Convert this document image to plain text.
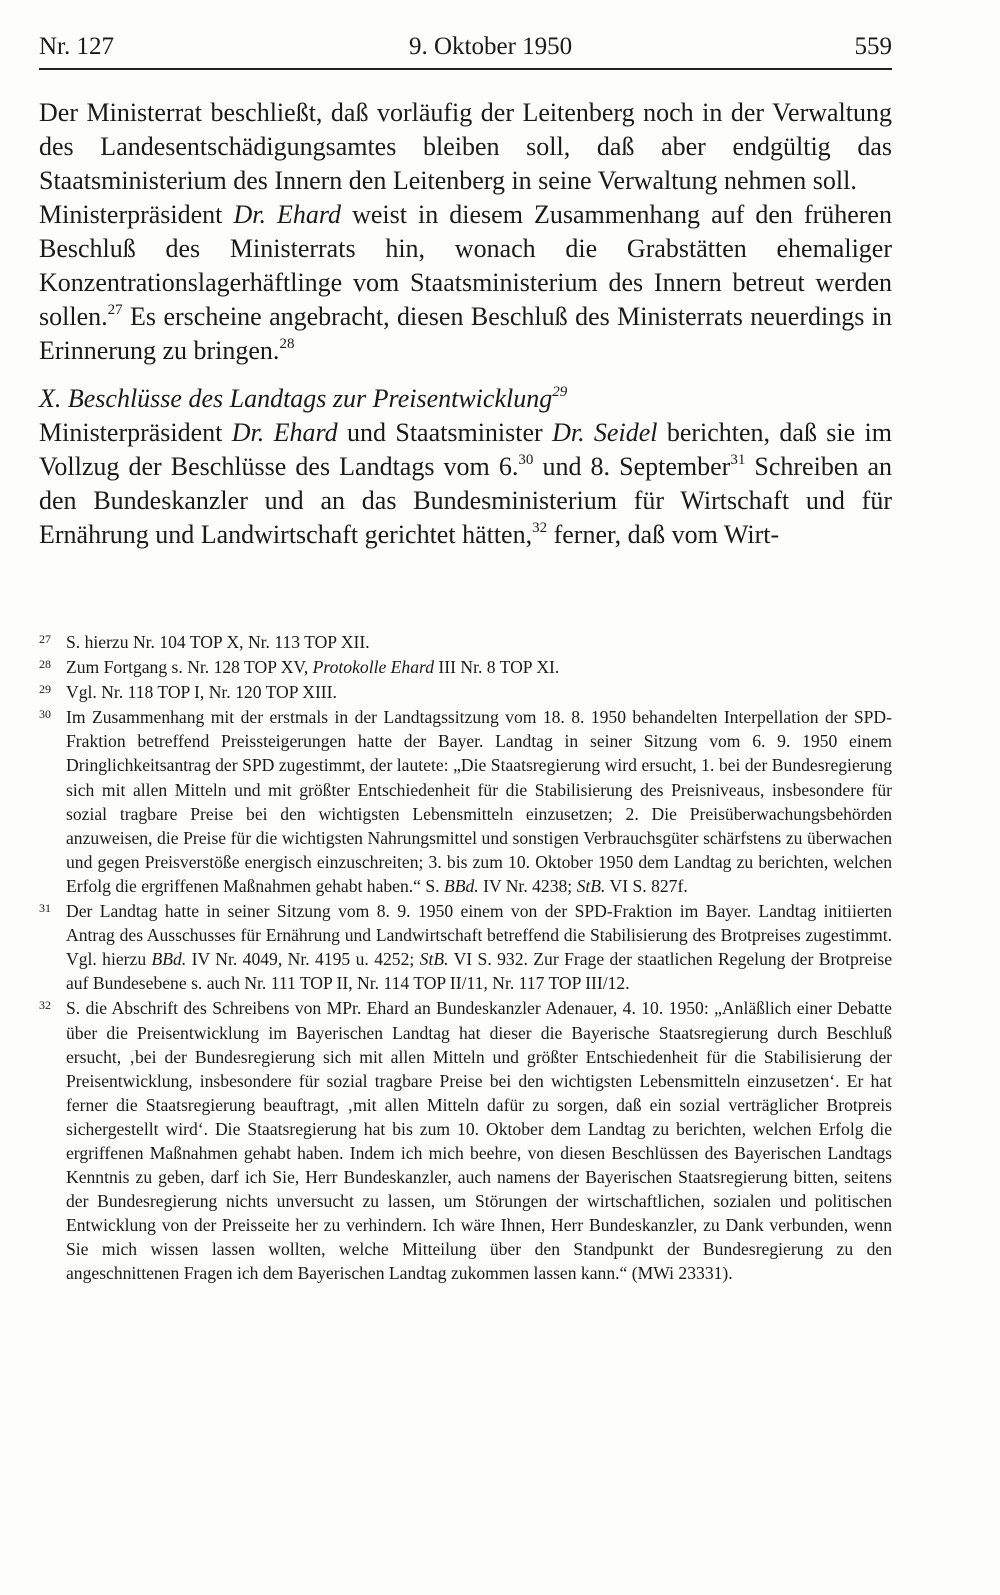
Nr. 127	9. Oktober 1950	559

Der Ministerrat beschließt, daß vorläufig der Leitenberg noch in der Verwaltung des Landesentschädigungsamtes bleiben soll, daß aber endgültig das Staatsministerium des Innern den Leitenberg in seine Verwaltung nehmen soll.

Ministerpräsident Dr. Ehard weist in diesem Zusammenhang auf den früheren Beschluß des Ministerrats hin, wonach die Grabstätten ehemaliger Konzentrationslagerhäftlinge vom Staatsministerium des Innern betreut werden sollen.$^{27}$ Es erscheine angebracht, diesen Beschluß des Ministerrats neuerdings in Erinnerung zu bringen.$^{28}$

X. Beschlüsse des Landtags zur Preisentwicklung$^{29}$

Ministerpräsident Dr. Ehard und Staatsminister Dr. Seidel berichten, daß sie im Vollzug der Beschlüsse des Landtags vom 6.30 und 8. September$^{31}$ Schreiben an den Bundeskanzler und an das Bundesministerium für Wirtschaft und für Ernährung und Landwirtschaft gerichtet hätten,$^{32}$ ferner, daß vom Wirt-

27 S. hierzu Nr. 104 TOP X, Nr. 113 TOP XII.
28 Zum Fortgang s. Nr. 128 TOP XV, Protokolle Ehard III Nr. 8 TOP XI.
29 Vgl. Nr. 118 TOP I, Nr. 120 TOP XIII.
30 Im Zusammenhang mit der erstmals in der Landtagssitzung vom 18. 8. 1950 behandelten Interpellation der SPD-Fraktion betreffend Preissteigerungen hatte der Bayer. Landtag in seiner Sitzung vom 6. 9. 1950 einem Dringlichkeitsantrag der SPD zugestimmt, der lautete: „Die Staatsregierung wird ersucht, 1. bei der Bundesregierung sich mit allen Mitteln und mit größter Entschiedenheit für die Stabilisierung des Preisniveaus, insbesondere für sozial tragbare Preise bei den wichtigsten Lebensmitteln einzusetzen; 2. Die Preisüberwachungsbehörden anzuweisen, die Preise für die wichtigsten Nahrungsmittel und sonstigen Verbrauchsgüter schärfstens zu überwachen und gegen Preisverstöße energisch einzuschreiten; 3. bis zum 10. Oktober 1950 dem Landtag zu berichten, welchen Erfolg die ergriffenen Maßnahmen gehabt haben.“ S. BBd. IV Nr. 4238; StB. VI S. 827f.
31 Der Landtag hatte in seiner Sitzung vom 8. 9. 1950 einem von der SPD-Fraktion im Bayer. Landtag initiierten Antrag des Ausschusses für Ernährung und Landwirtschaft betreffend die Stabilisierung des Brotpreises zugestimmt. Vgl. hierzu BBd. IV Nr. 4049, Nr. 4195 u. 4252; StB. VI S. 932. Zur Frage der staatlichen Regelung der Brotpreise auf Bundesebene s. auch Nr. 111 TOP II, Nr. 114 TOP II/11, Nr. 117 TOP III/12.
32 S. die Abschrift des Schreibens von MPr. Ehard an Bundeskanzler Adenauer, 4. 10. 1950: „Anläßlich einer Debatte über die Preisentwicklung im Bayerischen Landtag hat dieser die Bayerische Staatsregierung durch Beschluß ersucht, ‚bei der Bundesregierung sich mit allen Mitteln und größter Entschiedenheit für die Stabilisierung der Preisentwicklung, insbesondere für sozial tragbare Preise bei den wichtigsten Lebensmitteln einzusetzen‘. Er hat ferner die Staatsregierung beauftragt, ‚mit allen Mitteln dafür zu sorgen, daß ein sozial verträglicher Brotpreis sichergestellt wird‘. Die Staatsregierung hat bis zum 10. Oktober dem Landtag zu berichten, welchen Erfolg die ergriffenen Maßnahmen gehabt haben. Indem ich mich beehre, von diesen Beschlüssen des Bayerischen Landtags Kenntnis zu geben, darf ich Sie, Herr Bundeskanzler, auch namens der Bayerischen Staatsregierung bitten, seitens der Bundesregierung nichts unversucht zu lassen, um Störungen der wirtschaftlichen, sozialen und politischen Entwicklung von der Preisseite her zu verhindern. Ich wäre Ihnen, Herr Bundeskanzler, zu Dank verbunden, wenn Sie mich wissen lassen wollten, welche Mitteilung über den Standpunkt der Bundesregierung zu den angeschnittenen Fragen ich dem Bayerischen Landtag zukommen lassen kann.“ (MWi 23331).
